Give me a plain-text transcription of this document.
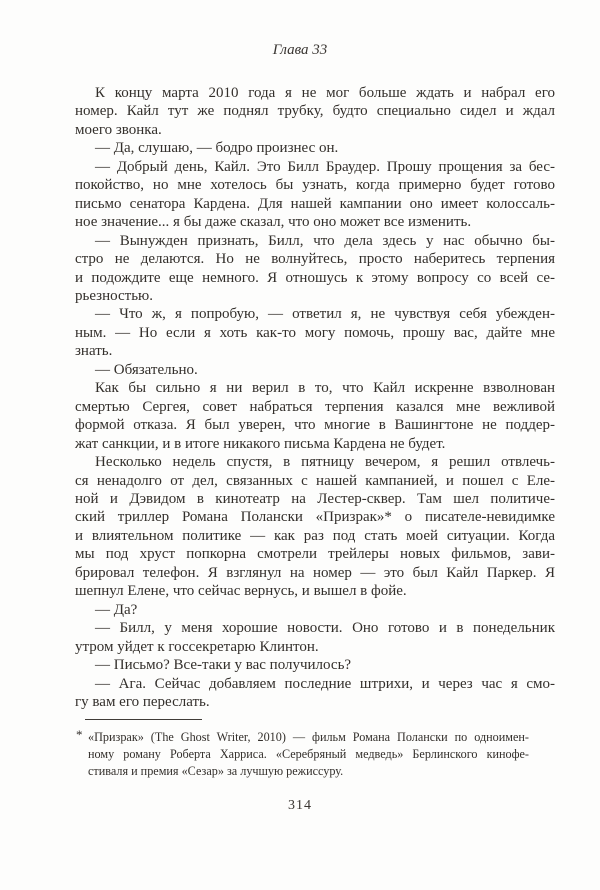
Глава 33
К концу марта 2010 года я не мог больше ждать и набрал его
номер. Кайл тут же поднял трубку, будто специально сидел и ждал
моего звонка.
— Да, слушаю, — бодро произнес он.
— Добрый день, Кайл. Это Билл Браудер. Прошу прощения за бес-
покойство, но мне хотелось бы узнать, когда примерно будет готово
письмо сенатора Кардена. Для нашей кампании оно имеет колоссаль-
ное значение... я бы даже сказал, что оно может все изменить.
— Вынужден признать, Билл, что дела здесь у нас обычно бы-
стро не делаются. Но не волнуйтесь, просто наберитесь терпения
и подождите еще немного. Я отношусь к этому вопросу со всей се-
рьезностью.
— Что ж, я попробую, — ответил я, не чувствуя себя убежден-
ным. — Но если я хоть как-то могу помочь, прошу вас, дайте мне
знать.
— Обязательно.
Как бы сильно я ни верил в то, что Кайл искренне взволнован
смертью Сергея, совет набраться терпения казался мне вежливой
формой отказа. Я был уверен, что многие в Вашингтоне не поддер-
жат санкции, и в итоге никакого письма Кардена не будет.
Несколько недель спустя, в пятницу вечером, я решил отвлечь-
ся ненадолго от дел, связанных с нашей кампанией, и пошел с Еле-
ной и Дэвидом в кинотеатр на Лестер-сквер. Там шел политиче-
ский триллер Романа Полански «Призрак»* о писателе-невидимке
и влиятельном политике — как раз под стать моей ситуации. Когда
мы под хруст попкорна смотрели трейлеры новых фильмов, зави-
брировал телефон. Я взглянул на номер — это был Кайл Паркер. Я
шепнул Елене, что сейчас вернусь, и вышел в фойе.
— Да?
— Билл, у меня хорошие новости. Оно готово и в понедельник
утром уйдет к госсекретарю Клинтон.
— Письмо? Все-таки у вас получилось?
— Ага. Сейчас добавляем последние штрихи, и через час я смо-
гу вам его переслать.
* «Призрак» (The Ghost Writer, 2010) — фильм Романа Полански по одноимен-
ному роману Роберта Харриса. «Серебряный медведь» Берлинского кинофе-
стиваля и премия «Сезар» за лучшую режиссуру.
314
